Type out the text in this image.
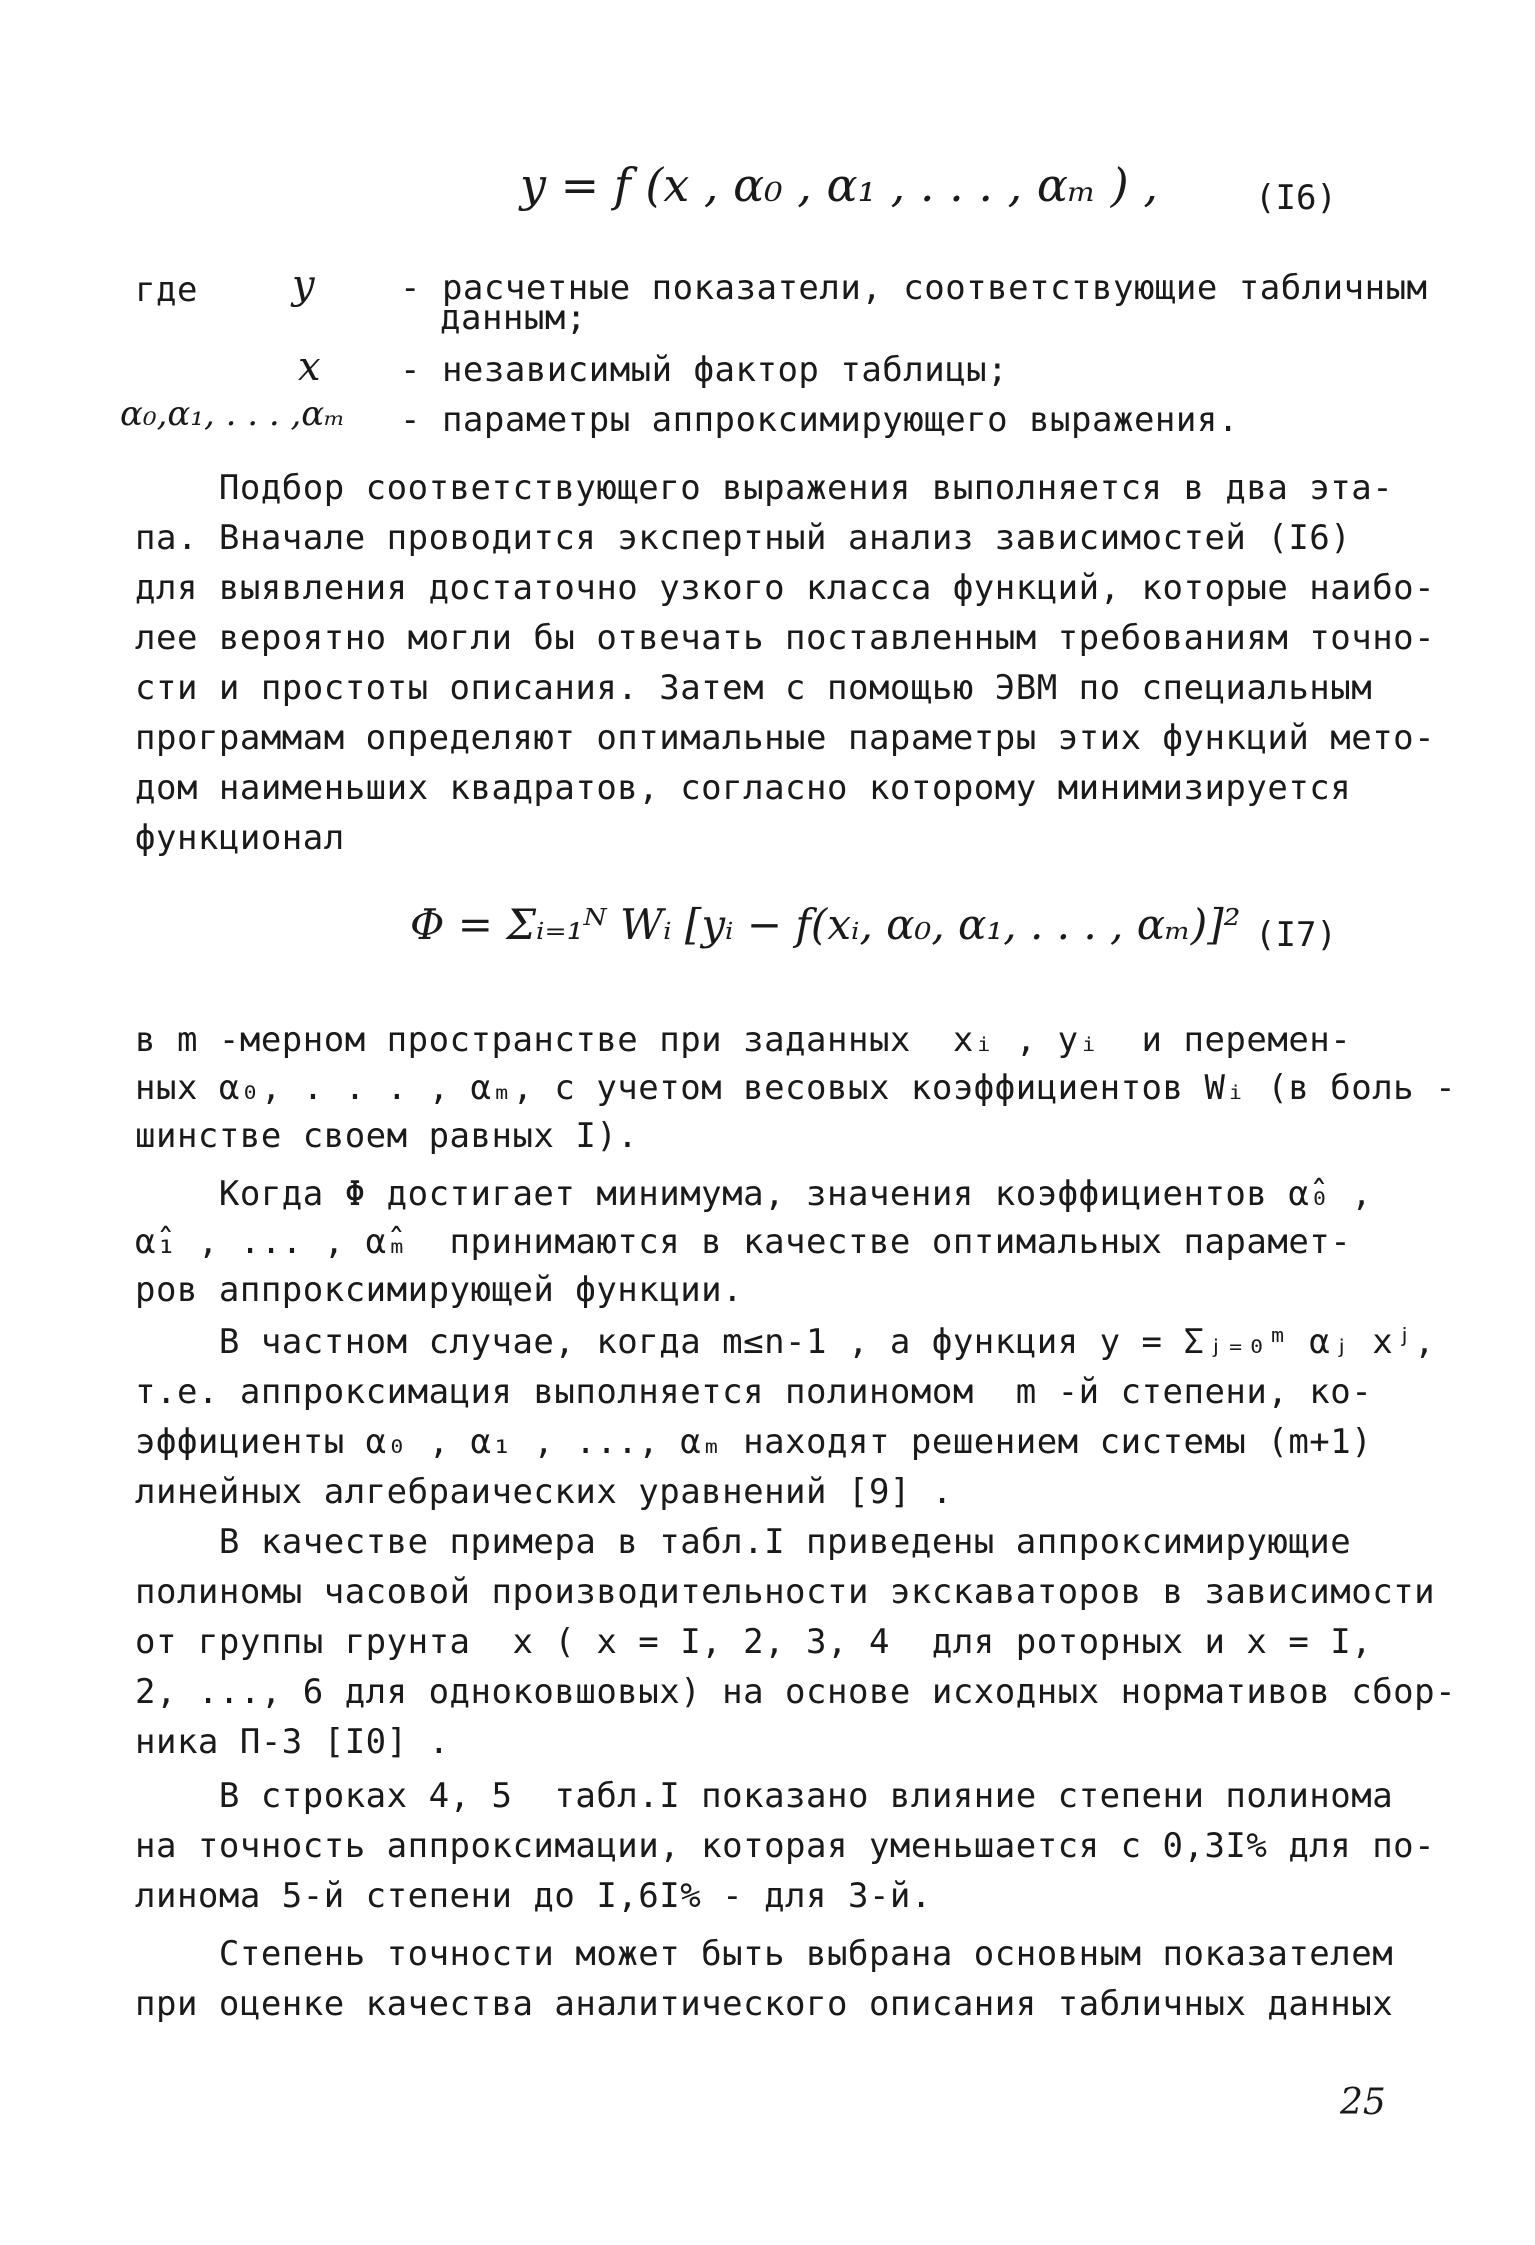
y = f (x , α₀ , α₁ , . . . , αₘ ) ,	(I6)
где y	- расчетные показатели, соответствующие табличным
данным;
x - независимый фактор таблицы;
α₀,α₁, . . . ,αₘ - параметры аппроксимирующего выражения.
Подбор соответствующего выражения выполняется в два эта-
па. Вначале проводится экспертный анализ зависимостей (I6)
для выявления достаточно узкого класса функций, которые наибо-
лее вероятно могли бы отвечать поставленным требованиям точно-
сти и простоты описания. Затем с помощью ЭВМ по специальным
программам определяют оптимальные параметры этих функций мето-
дом наименьших квадратов, согласно которому минимизируется
функционал
Φ = Σᵢ₌₁ᴺ Wᵢ [yᵢ − f(xᵢ, α₀, α₁, . . . , αₘ)]² (I7)
в m -мерном пространстве при заданных  xᵢ , yᵢ  и перемен-
ных α₀, . . . , αₘ, с учетом весовых коэффициентов Wᵢ (в боль -
шинстве своем равных I).
Когда Φ достигает минимума, значения коэффициентов α̂₀ ,
α̂₁ , ... , α̂ₘ  принимаются в качестве оптимальных парамет-
ров аппроксимирующей функции.
В частном случае, когда m≤n-1 , а функция y = Σⱼ₌₀ᵐ αⱼ xʲ,
т.е. аппроксимация выполняется полиномом  m -й степени, ко-
эффициенты α₀ , α₁ , ..., αₘ находят решением системы (m+1)
линейных алгебраических уравнений [9] .
В качестве примера в табл.I приведены аппроксимирующие
полиномы часовой производительности экскаваторов в зависимости
от группы грунта  x ( x = I, 2, 3, 4  для роторных и x = I,
2, ..., 6 для одноковшовых) на основе исходных нормативов сбор-
ника П-3 [I0] .
В строках 4, 5  табл.I показано влияние степени полинома
на точность аппроксимации, которая уменьшается с 0,3I% для по-
линома 5-й степени до I,6I% - для 3-й.
Степень точности может быть выбрана основным показателем
при оценке качества аналитического описания табличных данных
25
